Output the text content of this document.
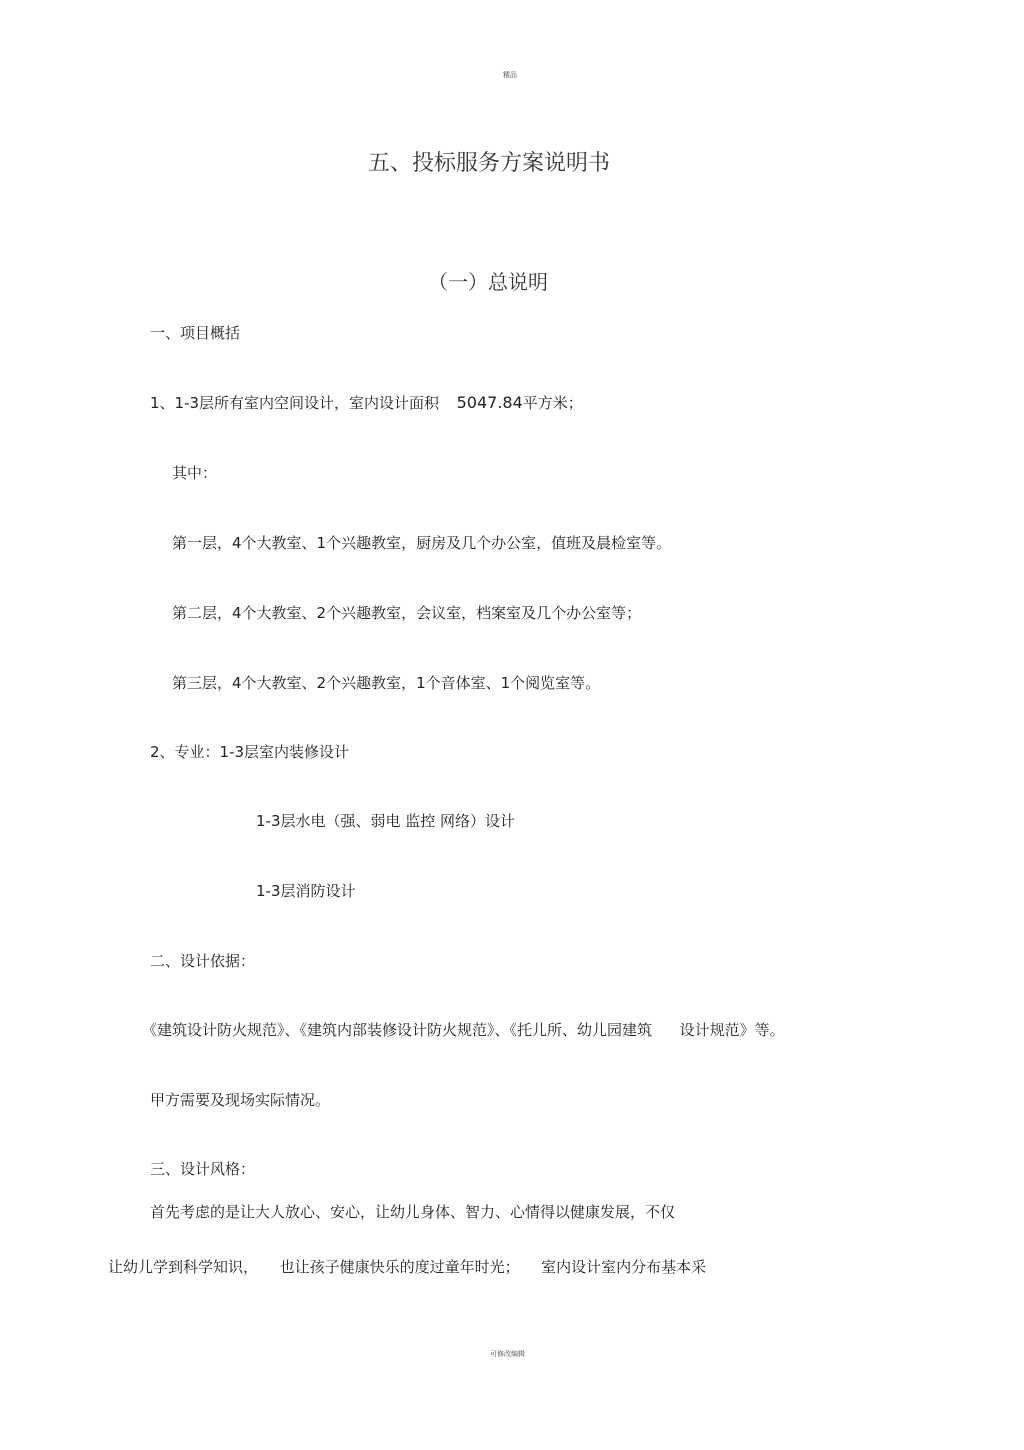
精品
五、投标服务方案说明书
（一）总说明
一、项目概括
1、1-3层所有室内空间设计，室内设计面积 5047.84平方米；
其中：
第一层，4个大教室、1个兴趣教室，厨房及几个办公室，值班及晨检室等。
第二层，4个大教室、2个兴趣教室，会议室，档案室及几个办公室等；
第三层，4个大教室、2个兴趣教室，1个音体室、1个阅览室等。
2、专业：1-3层室内装修设计
1-3层水电（强、弱电 监控 网络）设计
1-3层消防设计
二、设计依据：
《建筑设计防火规范》、《建筑内部装修设计防火规范》、《托儿所、幼儿园建筑 设计规范》等。
甲方需要及现场实际情况。
三、设计风格：
首先考虑的是让大人放心、安心，让幼儿身体、智力、心情得以健康发展，不仅
让幼儿学到科学知识， 也让孩子健康快乐的度过童年时光； 室内设计室内分布基本采
可修改编辑
